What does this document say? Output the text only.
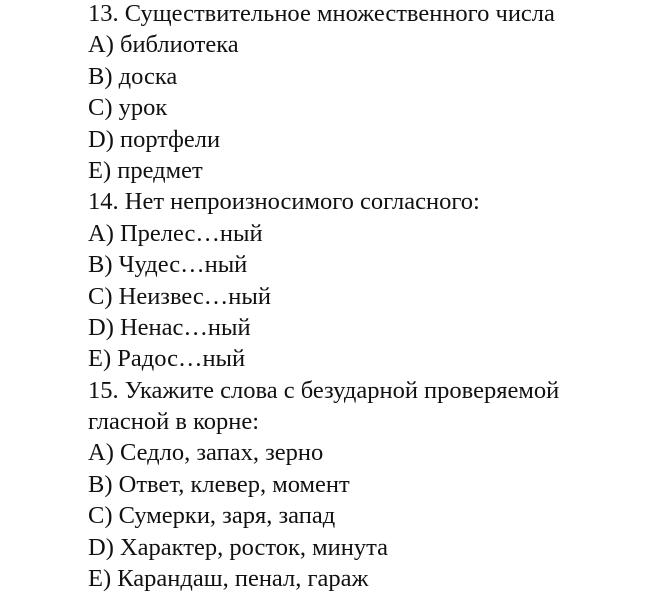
13. Существительное множественного числа
A) библиотека
B) доска
C) урок
D) портфели
E) предмет
14. Нет непроизносимого согласного:
A) Прелес…ный
B) Чудес…ный
C) Неизвес…ный
D) Ненас…ный
E) Радос…ный
15. Укажите слова с безударной проверяемой
гласной в корне:
A) Седло, запах, зерно
B) Ответ, клевер, момент
C) Сумерки, заря, запад
D) Характер, росток, минута
E) Карандаш, пенал, гараж
